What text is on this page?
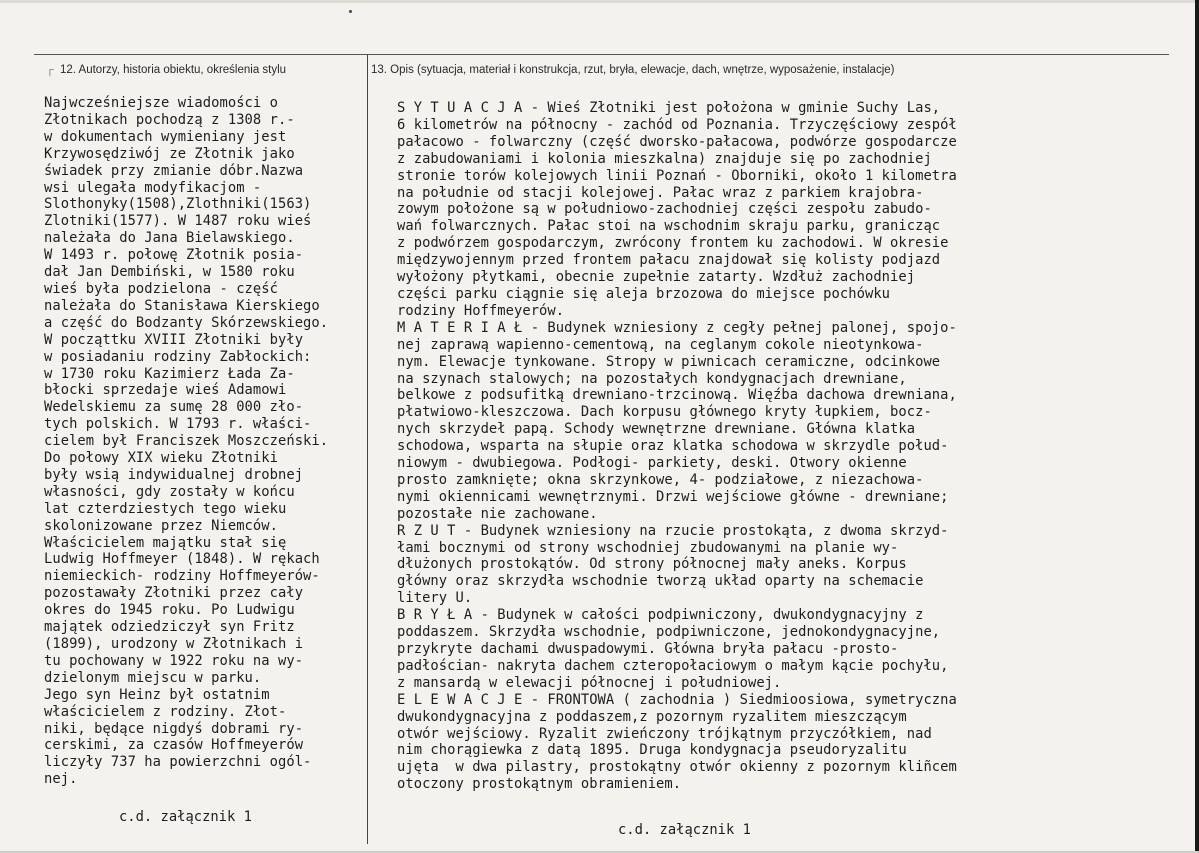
┌ 12. Autorzy, historia obiektu, określenia stylu	13. Opis (sytuacja, materiał i konstrukcja, rzut, bryła, elewacje, dach, wnętrze, wyposażenie, instalacje)
Najwcześniejsze wiadomości o
Złotnikach pochodzą z 1308 r.-
w dokumentach wymieniany jest
Krzywosędziwój ze Złotnik jako
świadek przy zmianie dóbr.Nazwa
wsi ulegała modyfikacjom -
Slothonyky(1508),Zlothniki(1563)
Zlotniki(1577). W 1487 roku wieś
należała do Jana Bielawskiego.
W 1493 r. połowę Złotnik posia-
dał Jan Dembiński, w 1580 roku
wieś była podzielona - część
należała do Stanisława Kierskiego
a część do Bodzanty Skórzewskiego.
W począttku XVIII Złotniki były
w posiadaniu rodziny Zabłockich:
w 1730 roku Kazimierz Łada Za-
błocki sprzedaje wieś Adamowi
Wedelskiemu za sumę 28 000 zło-
tych polskich. W 1793 r. właści-
cielem był Franciszek Moszczeński.
Do połowy XIX wieku Złotniki
były wsią indywidualnej drobnej
własności, gdy zostały w końcu
lat czterdziestych tego wieku
skolonizowane przez Niemców.
Właścicielem majątku stał się
Ludwig Hoffmeyer (1848). W rękach
niemieckich- rodziny Hoffmeyerów-
pozostawały Złotniki przez cały
okres do 1945 roku. Po Ludwigu
majątek odziedziczył syn Fritz
(1899), urodzony w Złotnikach i
tu pochowany w 1922 roku na wy-
dzielonym miejscu w parku.
Jego syn Heinz był ostatnim
właścicielem z rodziny. Złot-
niki, będące nigdyś dobrami ry-
cerskimi, za czasów Hoffmeyerów
liczyły 737 ha powierzchni ogól-
nej.
S Y T U A C J A - Wieś Złotniki jest położona w gminie Suchy Las,
6 kilometrów na północny - zachód od Poznania. Trzyczęściowy zespół
pałacowo - folwarczny (część dworsko-pałacowa, podwórze gospodarcze
z zabudowaniami i kolonia mieszkalna) znajduje się po zachodniej
stronie torów kolejowych linii Poznań - Oborniki, około 1 kilometra
na południe od stacji kolejowej. Pałac wraz z parkiem krajobra-
zowym położone są w południowo-zachodniej części zespołu zabudo-
wań folwarcznych. Pałac stoi na wschodnim skraju parku, granicząc
z podwórzem gospodarczym, zwrócony frontem ku zachodowi. W okresie
międzywojennym przed frontem pałacu znajdował się kolisty podjazd
wyłożony płytkami, obecnie zupełnie zatarty. Wzdłuż zachodniej
części parku ciągnie się aleja brzozowa do miejsce pochówku
rodziny Hoffmeyerów.
M A T E R I A Ł - Budynek wzniesiony z cegły pełnej palonej, spojo-
nej zaprawą wapienno-cementową, na ceglanym cokole nieotynkowa-
nym. Elewacje tynkowane. Stropy w piwnicach ceramiczne, odcinkowe
na szynach stalowych; na pozostałych kondygnacjach drewniane,
belkowe z podsufitką drewniano-trzcinową. Więźba dachowa drewniana,
płatwiowo-kleszczowa. Dach korpusu głównego kryty łupkiem, bocz-
nych skrzydeł papą. Schody wewnętrzne drewniane. Główna klatka
schodowa, wsparta na słupie oraz klatka schodowa w skrzydle połud-
niowym - dwubiegowa. Podłogi- parkiety, deski. Otwory okienne
prosto zamknięte; okna skrzynkowe, 4- podziałowe, z niezachowa-
nymi okiennicami wewnętrznymi. Drzwi wejściowe główne - drewniane;
pozostałe nie zachowane.
R Z U T - Budynek wzniesiony na rzucie prostokąta, z dwoma skrzyd-
łami bocznymi od strony wschodniej zbudowanymi na planie wy-
dłużonych prostokątów. Od strony północnej mały aneks. Korpus
główny oraz skrzydła wschodnie tworzą układ oparty na schemacie
litery U.
B R Y Ł A - Budynek w całości podpiwniczony, dwukondygnacyjny z
poddaszem. Skrzydła wschodnie, podpiwniczone, jednokondygnacyjne,
przykryte dachami dwuspadowymi. Główna bryła pałacu -prosto-
padłościan- nakryta dachem czteropołaciowym o małym kącie pochyłu,
z mansardą w elewacji północnej i południowej.
E L E W A C J E - FRONTOWA ( zachodnia ) Siedmioosiowa, symetryczna
dwukondygnacyjna z poddaszem,z pozornym ryzalitem mieszczącym
otwór wejściowy. Ryzalit zwieńczony trójkątnym przyczółkiem, nad
nim chorągiewka z datą 1895. Druga kondygnacja pseudoryzalitu
ujęta  w dwa pilastry, prostokątny otwór okienny z pozornym kliñcem
otoczony prostokątnym obramieniem.
c.d. załącznik 1
c.d. załącznik 1
